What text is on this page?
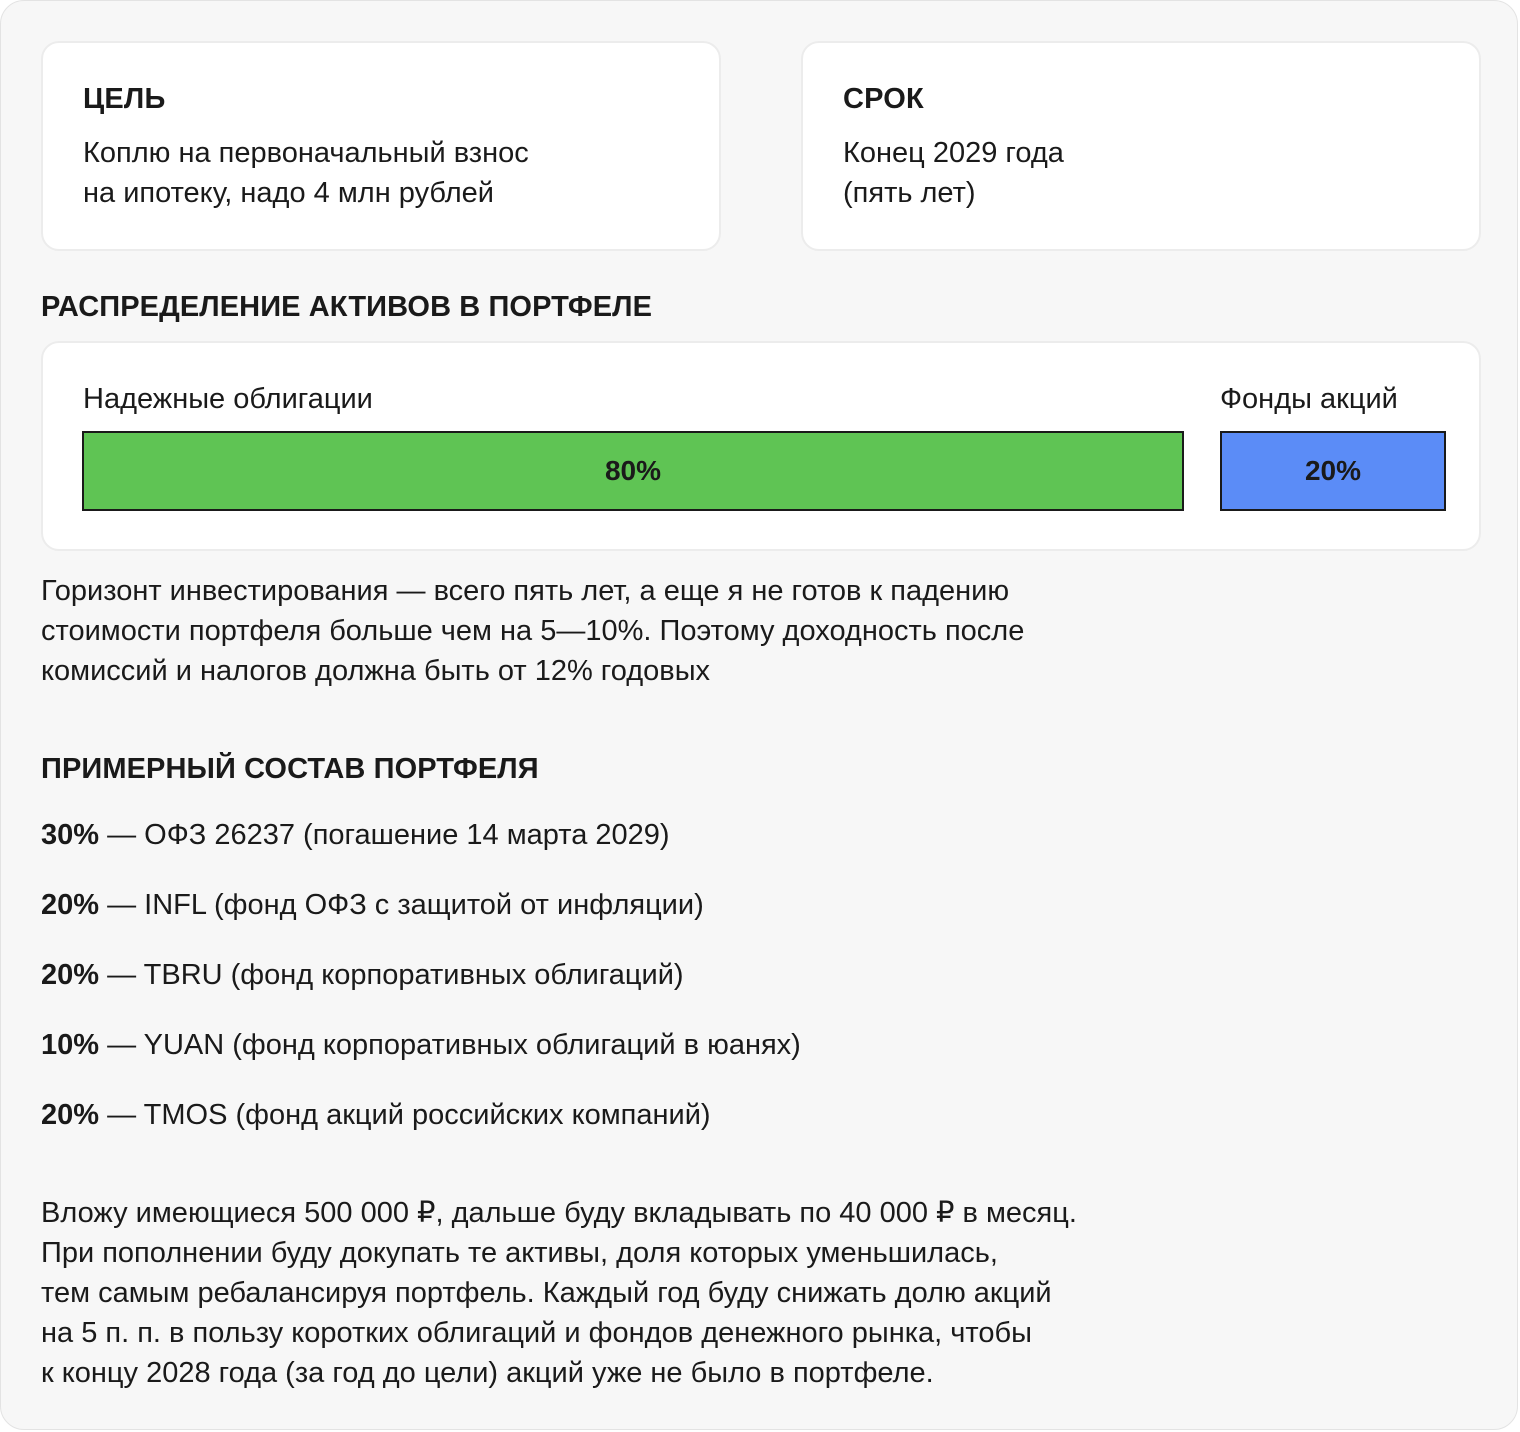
ЦЕЛЬ
Коплю на первоначальный взнос
на ипотеку, надо 4 млн рублей
СРОК
Конец 2029 года
(пять лет)
РАСПРЕДЕЛЕНИЕ АКТИВОВ В ПОРТФЕЛЕ
Надежные облигации
80%
Фонды акций
20%
Горизонт инвестирования — всего пять лет, а еще я не готов к падению
стоимости портфеля больше чем на 5—10%. Поэтому доходность после
комиссий и налогов должна быть от 12% годовых
ПРИМЕРНЫЙ СОСТАВ ПОРТФЕЛЯ
30% — ОФЗ 26237 (погашение 14 марта 2029)
20% — INFL (фонд ОФЗ с защитой от инфляции)
20% — TBRU (фонд корпоративных облигаций)
10% — YUAN (фонд корпоративных облигаций в юанях)
20% — TMOS (фонд акций российских компаний)
Вложу имеющиеся 500 000 ₽, дальше буду вкладывать по 40 000 ₽ в месяц.
При пополнении буду докупать те активы, доля которых уменьшилась,
тем самым ребалансируя портфель. Каждый год буду снижать долю акций
на 5 п. п. в пользу коротких облигаций и фондов денежного рынка, чтобы
к концу 2028 года (за год до цели) акций уже не было в портфеле.
